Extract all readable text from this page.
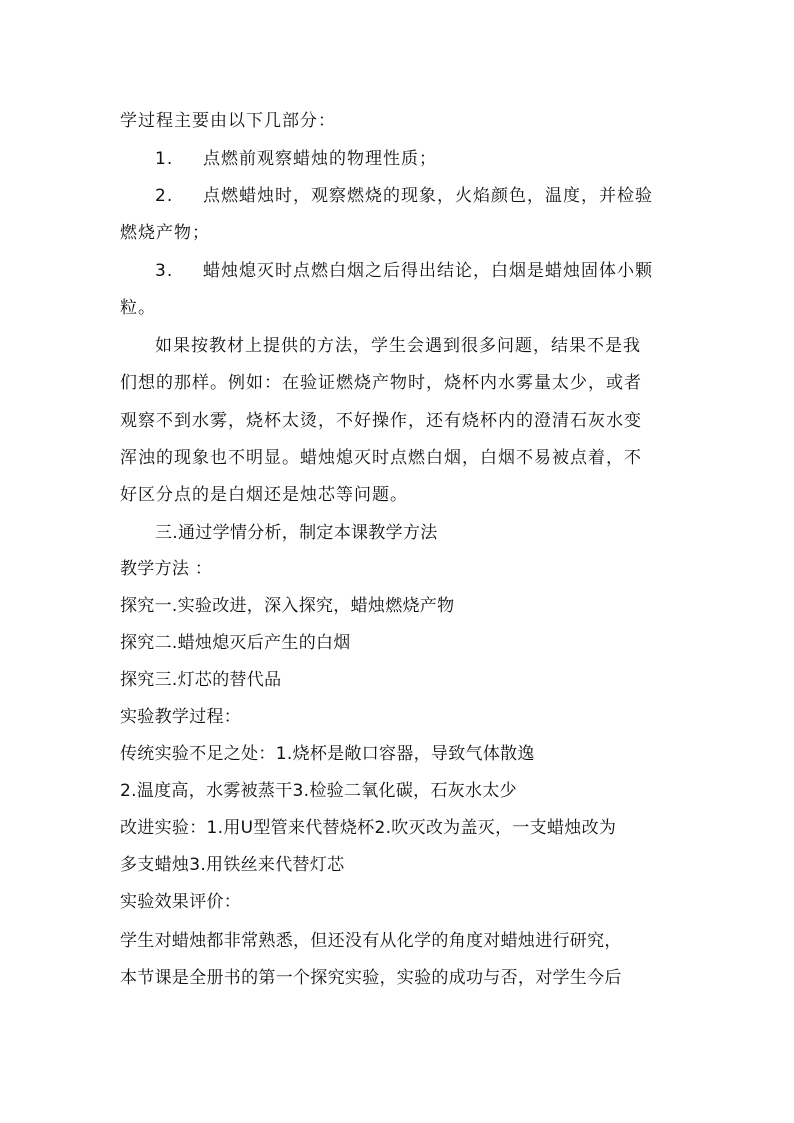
学过程主要由以下几部分：
1. 点燃前观察蜡烛的物理性质；
2. 点燃蜡烛时，观察燃烧的现象，火焰颜色，温度，并检验
燃烧产物；
3. 蜡烛熄灭时点燃白烟之后得出结论，白烟是蜡烛固体小颗
粒。
如果按教材上提供的方法，学生会遇到很多问题，结果不是我
们想的那样。例如：在验证燃烧产物时，烧杯内水雾量太少，或者
观察不到水雾，烧杯太烫，不好操作，还有烧杯内的澄清石灰水变
浑浊的现象也不明显。蜡烛熄灭时点燃白烟，白烟不易被点着，不
好区分点的是白烟还是烛芯等问题。
三.通过学情分析，制定本课教学方法
教学方法 ：
探究一.实验改进，深入探究，蜡烛燃烧产物
探究二.蜡烛熄灭后产生的白烟
探究三.灯芯的替代品
实验教学过程：
传统实验不足之处：1.烧杯是敞口容器，导致气体散逸
2.温度高，水雾被蒸干3.检验二氧化碳，石灰水太少
改进实验：1.用U型管来代替烧杯2.吹灭改为盖灭，一支蜡烛改为
多支蜡烛3.用铁丝来代替灯芯
实验效果评价：
学生对蜡烛都非常熟悉，但还没有从化学的角度对蜡烛进行研究，
本节课是全册书的第一个探究实验，实验的成功与否，对学生今后
